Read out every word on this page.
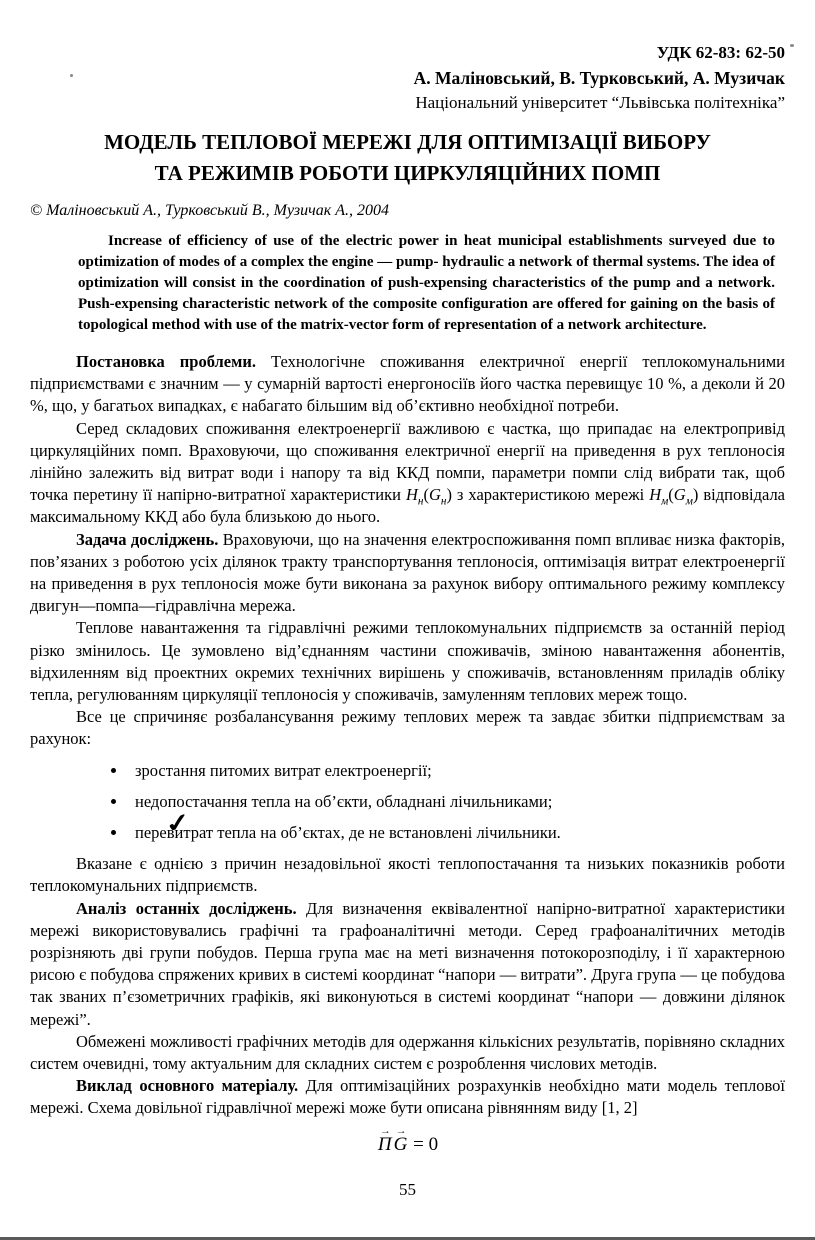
УДК 62-83: 62-50
А. Маліновський, В. Турковський, А. Музичак
Національний університет “Львівська політехніка”
МОДЕЛЬ ТЕПЛОВОЇ МЕРЕЖІ ДЛЯ ОПТИМІЗАЦІЇ ВИБОРУ
ТА РЕЖИМІВ РОБОТИ ЦИРКУЛЯЦІЙНИХ ПОМП
© Маліновський А., Турковський В., Музичак А., 2004
Increase of efficiency of use of the electric power in heat municipal establishments surveyed due to optimization of modes of a complex the engine — pump- hydraulic a network of thermal systems. The idea of optimization will consist in the coordination of push-expensing characteristics of the pump and a network. Push-expensing characteristic network of the composite configuration are offered for gaining on the basis of topological method with use of the matrix-vector form of representation of a network architecture.

Постановка проблеми. Технологічне споживання електричної енергії теплокомунальними підприємствами є значним — у сумарній вартості енергоносіїв його частка перевищує 10 %, а деколи й 20 %, що, у багатьох випадках, є набагато більшим від об’єктивно необхідної потреби.

Серед складових споживання електроенергії важливою є частка, що припадає на електропривід циркуляційних помп. Враховуючи, що споживання електричної енергії на приведення в рух теплоносія лінійно залежить від витрат води і напору та від ККД помпи, параметри помпи слід вибрати так, щоб точка перетину її напірно-витратної характеристики $H_н(G_н)$ з характеристикою мережі $H_м(G_м)$ відповідала максимальному ККД або була близькою до нього.

Задача досліджень. Враховуючи, що на значення електроспоживання помп впливає низка факторів, пов’язаних з роботою усіх ділянок тракту транспортування теплоносія, оптимізація витрат електроенергії на приведення в рух теплоносія може бути виконана за рахунок вибору оптимального режиму комплексу двигун—помпа—гідравлічна мережа.

Теплове навантаження та гідравлічні режими теплокомунальних підприємств за останній період різко змінилось. Це зумовлено від’єднанням частини споживачів, зміною навантаження абонентів, відхиленням від проектних окремих технічних вирішень у споживачів, встановленням приладів обліку тепла, регулюванням циркуляції теплоносія у споживачів, замуленням теплових мереж тощо.

Все це спричиняє розбалансування режиму теплових мереж та завдає збитки підприємствам за рахунок:

• зростання питомих витрат електроенергії;
• недопостачання тепла на об’єкти, обладнані лічильниками;
• перевитрат тепла на об’єктах, де не встановлені лічильники.
✓

Вказане є однією з причин незадовільної якості теплопостачання та низьких показників роботи теплокомунальних підприємств.

Аналіз останніх досліджень. Для визначення еквівалентної напірно-витратної характеристики мережі використовувались графічні та графоаналітичні методи. Серед графоаналітичних методів розрізняють дві групи побудов. Перша група має на меті визначення потокорозподілу, і її характерною рисою є побудова спряжених кривих в системі координат “напори — витрати”. Друга група — це побудова так званих п’єзометричних графіків, які виконуються в системі координат “напори — довжини ділянок мережі”.

Обмежені можливості графічних методів для одержання кількісних результатів, порівняно складних систем очевидні, тому актуальним для складних систем є розроблення числових методів.

Виклад основного матеріалу. Для оптимізаційних розрахунків необхідно мати модель теплової мережі. Схема довільної гідравлічної мережі може бути описана рівнянням виду [1, 2]

→
П
→
G = 0
55
